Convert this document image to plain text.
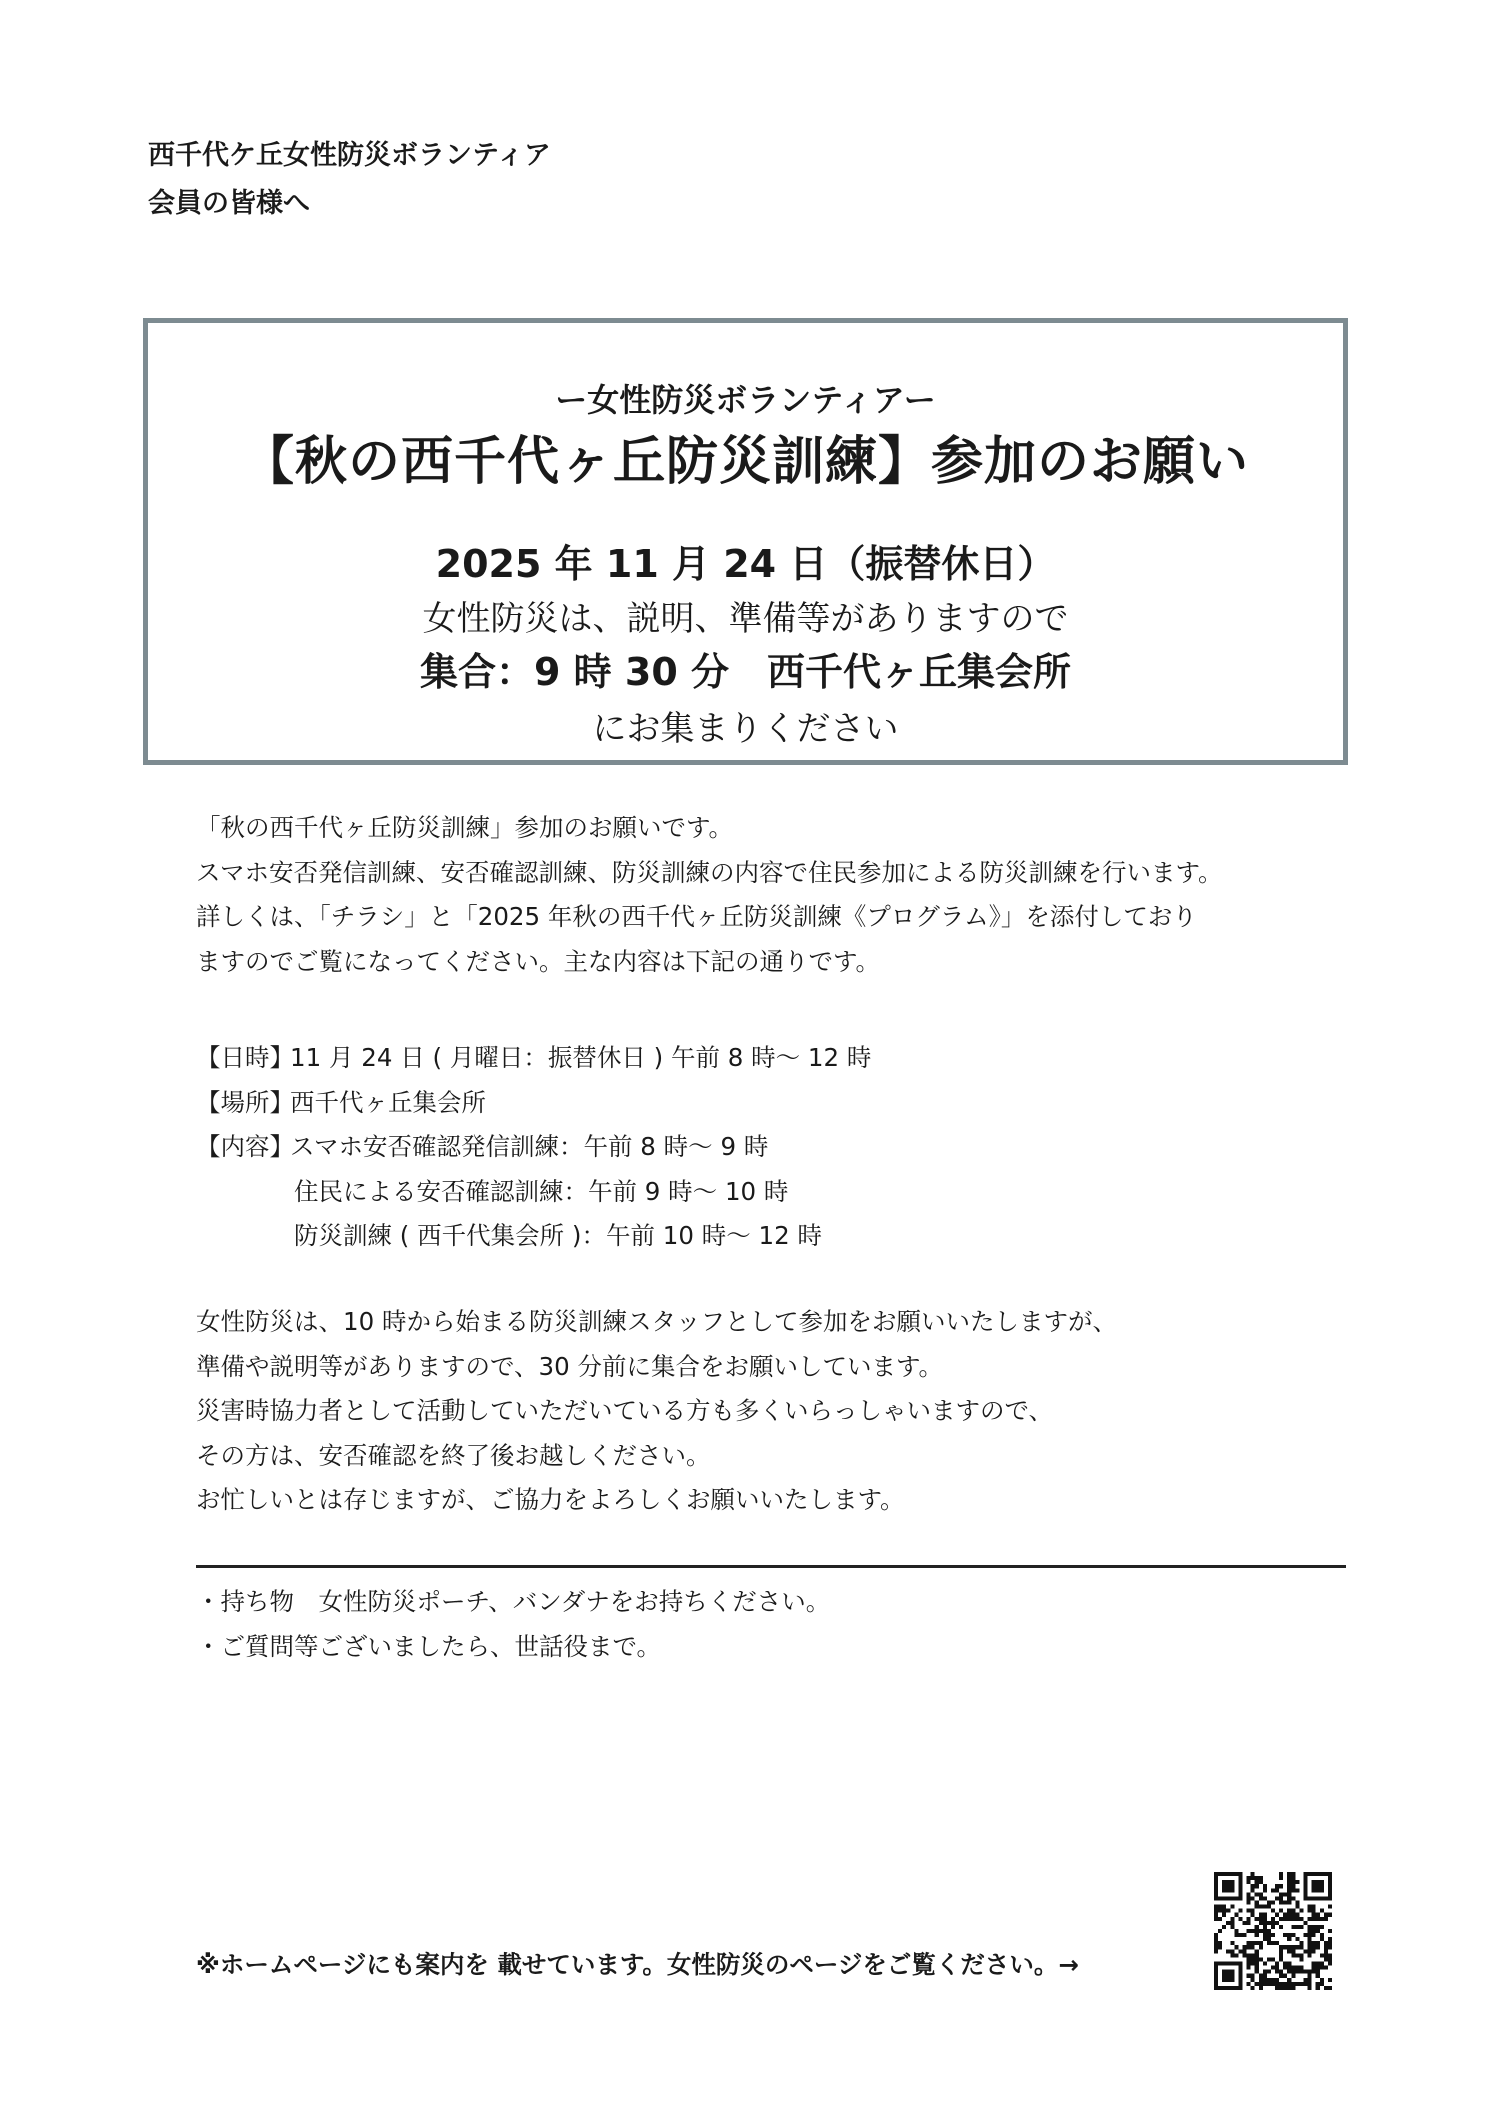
西千代ケ丘女性防災ボランティア
会員の皆様へ
ー女性防災ボランティアー
【秋の西千代ヶ丘防災訓練】参加のお願い
2025 年 11 月 24 日（振替休日）
女性防災は、説明、準備等がありますので
集合：9 時 30 分　西千代ヶ丘集会所
にお集まりください
「秋の西千代ヶ丘防災訓練」参加のお願いです。
スマホ安否発信訓練、安否確認訓練、防災訓練の内容で住民参加による防災訓練を行います。
詳しくは、「チラシ」と「2025 年秋の西千代ヶ丘防災訓練《プログラム》」を添付しており
ますのでご覧になってください。主な内容は下記の通りです。
【日時】
11 月 24 日 ( 月曜日：振替休日 ) 午前 8 時～ 12 時
【場所】
西千代ヶ丘集会所
【内容】
スマホ安否確認発信訓練：午前 8 時～ 9 時
住民による安否確認訓練：午前 9 時～ 10 時
防災訓練 ( 西千代集会所 )：午前 10 時～ 12 時
女性防災は、10 時から始まる防災訓練スタッフとして参加をお願いいたしますが、
準備や説明等がありますので、30 分前に集合をお願いしています。
災害時協力者として活動していただいている方も多くいらっしゃいますので、
その方は、安否確認を終了後お越しください。
お忙しいとは存じますが、ご協力をよろしくお願いいたします。
・持ち物　女性防災ポーチ、バンダナをお持ちください。
・ご質問等ございましたら、世話役まで。
※ホームページにも案内を 載せています。女性防災のページをご覧ください。→
